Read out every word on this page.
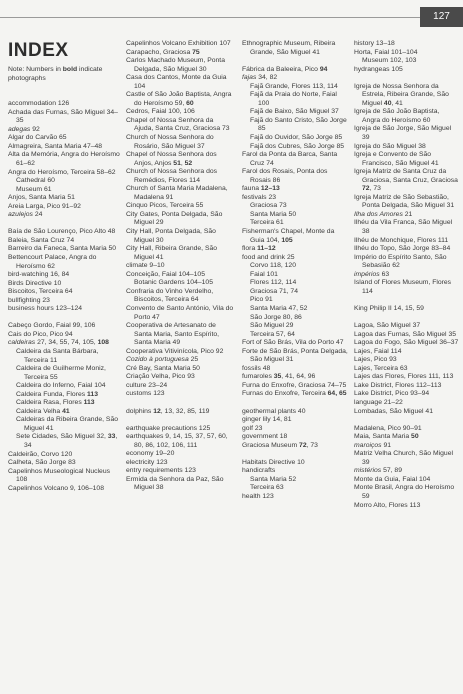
127
INDEX
Note: Numbers in bold indicate photographs
accommodation 126
Achada das Furnas, São Miguel 34–35
adegas 92
Algar do Carvão 65
Almagreira, Santa Maria 47–48
Alta da Memória, Angra do Heroísmo 61–62
Angra do Heroísmo, Terceira 58–62
Cathedral 60
Museum 61
Anjos, Santa Maria 51
Areia Larga, Pico 91–92
azulejos 24
Baía de São Lourenço, Pico Alto 48
Baleia, Santa Cruz 74
Barreiro da Faneca, Santa Maria 50
Bettencourt Palace, Angra do Heroísmo 62
bird-watching 16, 84
Birds Directive 10
Biscoitos, Terceira 64
bullfighting 23
business hours 123–124
Cabeço Gordo, Faial 99, 106
Cais do Pico, Pico 94
caldeiras 27, 34, 55, 74, 105, 108
Caldeira da Santa Bárbara, Terceira 11
Caldeira de Guilherme Moniz, Terceira 55
Caldeira do Inferno, Faial 104
Caldeira Funda, Flores 113
Caldeira Rasa, Flores 113
Caldeira Velha 41
Caldeiras da Ribeira Grande, São Miguel 41
Sete Cidades, São Miguel 32, 33, 34
Caldeirão, Corvo 120
Calheta, São Jorge 83
Capelinhos Museological Nucleus 108
Capelinhos Volcano 9, 106–108
Capelinhos Volcano Exhibition 107
Carapacho, Graciosa 75
Carlos Machado Museum, Ponta Delgada, São Miguel 30
Casa dos Cantos, Monte da Guia 104
Castle of São João Baptista, Angra do Heroísmo 59, 60
Cedros, Faial 100, 106
Chapel of Nossa Senhora da Ajuda, Santa Cruz, Graciosa 73
Church of Nossa Senhora do Rosário, São Miguel 37
Chapel of Nossa Senhora dos Anjos, Anjos 51, 52
Church of Nossa Senhora dos Remédios, Flores 114
Church of Santa Maria Madalena, Madalena 91
Cinquo Picos, Terceira 55
City Gates, Ponta Delgada, São Miguel 29
City Hall, Ponta Delgada, São Miguel 30
City Hall, Ribeira Grande, São Miguel 41
climate 9–10
Conceição, Faial 104–105
Botanic Gardens 104–105
Confraria do Vinho Verdelho, Biscoitos, Terceira 64
Convento de Santo António, Vila do Porto 47
Cooperativa de Artesanato de Santa Maria, Santo Espírito, Santa Maria 49
Cooperativa Vitivinícola, Pico 92
Cozido à portuguesa 25
Cré Bay, Santa Maria 50
Criação Velha, Pico 93
culture 23–24
customs 123
dolphins 12, 13, 32, 85, 119
earthquake precautions 125
earthquakes 9, 14, 15, 37, 57, 60, 80, 86, 102, 106, 111
economy 19–20
electricity 123
entry requirements 123
Ermida da Senhora da Paz, São Miguel 38
Ethnographic Museum, Ribeira Grande, São Miguel 41
Fábrica da Baleeira, Pico 94
fajas 34, 82
Fajã Grande, Flores 113, 114
Fajã da Praia do Norte, Faial 100
Fajã de Baixo, São Miguel 37
Fajã do Santo Cristo, São Jorge 85
Fajã do Ouvidor, São Jorge 85
Fajã dos Cubres, São Jorge 85
Farol da Ponta da Barca, Santa Cruz 74
Farol dos Rosais, Ponta dos Rosais 86
fauna 12–13
festivals 23
Graciosa 73
Santa Maria 50
Terceira 61
Fisherman's Chapel, Monte da Guia 104, 105
flora 11–12
food and drink 25
Corvo 118, 120
Faial 101
Flores 112, 114
Graciosa 71, 74
Pico 91
Santa Maria 47, 52
São Jorge 80, 86
São Miguel 29
Terceira 57, 64
Fort of São Brás, Vila do Porto 47
Forte de São Brás, Ponta Delgada, São Miguel 31
fossils 48
fumaroles 35, 41, 64, 96
Furna do Enxofre, Graciosa 74–75
Furnas do Enxofre, Terceira 64, 65
geothermal plants 40
ginger lily 14, 81
golf 23
government 18
Graciosa Museum 72, 73
Habitats Directive 10
handicrafts
Santa Maria 52
Terceira 63
health 123
history 13–18
Horta, Faial 101–104
Museum 102, 103
hydrangeas 105
Igreja de Nossa Senhora da Estrela, Ribeira Grande, São Miguel 40, 41
Igreja de São João Baptista, Angra do Heroísmo 60
Igreja de São Jorge, São Miguel 39
Igreja do São Miguel 38
Igreja e Convento de São Francisco, São Miguel 41
Igreja Matriz de Santa Cruz da Graciosa, Santa Cruz, Graciosa 72, 73
Igreja Matriz de São Sebastião, Ponta Delgada, São Miguel 31
Ilha dos Amores 21
Ilhéu da Vila Franca, São Miguel 38
Ilhéu de Monchique, Flores 111
Ilhéu do Topo, São Jorge 83–84
Império do Espírito Santo, São Sebasião 62
impérios 63
Island of Flores Museum, Flores 114
King Philip II 14, 15, 59
Lagoa, São Miguel 37
Lagoa das Furnas, São Miguel 35
Lagoa do Fogo, São Miguel 36–37
Lajes, Faial 114
Lajes, Pico 93
Lajes, Terceira 63
Lajes das Flores, Flores 111, 113
Lake District, Flores 112–113
Lake District, Pico 93–94
language 21–22
Lombadas, São Miguel 41
Madalena, Pico 90–91
Maia, Santa Maria 50
maroiços 91
Matriz Velha Church, São Miguel 39
mistérios 57, 89
Monte da Guia, Faial 104
Monte Brasil, Angra do Heroísmo 59
Morro Alto, Flores 113
